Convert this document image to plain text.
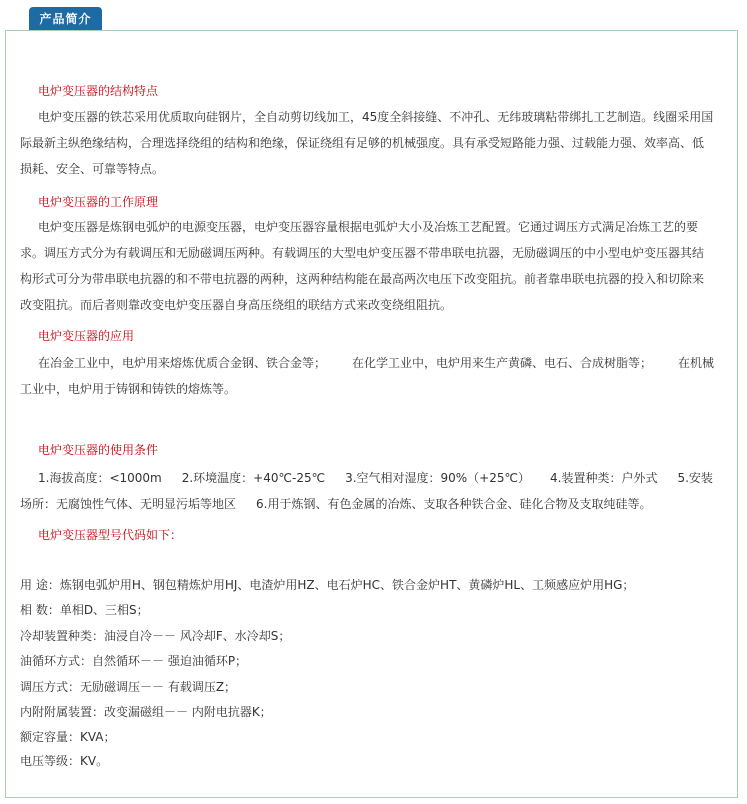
产品简介
电炉变压器的结构特点
电炉变压器的铁芯采用优质取向硅钢片，全自动剪切线加工，45度全斜接缝、不冲孔、无纬玻璃粘带绑扎工艺制造。线圈采用国际最新主纵绝缘结构，合理选择绕组的结构和绝缘，保证绕组有足够的机械强度。具有承受短路能力强、过载能力强、效率高、低损耗、安全、可靠等特点。
电炉变压器的工作原理
电炉变压器是炼钢电弧炉的电源变压器，电炉变压器容量根据电弧炉大小及冶炼工艺配置。它通过调压方式满足冶炼工艺的要求。调压方式分为有载调压和无励磁调压两种。有载调压的大型电炉变压器不带串联电抗器，无励磁调压的中小型电炉变压器其结构形式可分为带串联电抗器的和不带电抗器的两种，这两种结构能在最高两次电压下改变阻抗。前者靠串联电抗器的投入和切除来改变阻抗。而后者则靠改变电炉变压器自身高压绕组的联结方式来改变绕组阻抗。
电炉变压器的应用
在冶金工业中，电炉用来熔炼优质合金钢、铁合金等； 在化学工业中，电炉用来生产黄磷、电石、合成树脂等； 在机械工业中，电炉用于铸钢和铸铁的熔炼等。
电炉变压器的使用条件
1.海拔高度：<1000m 2.环境温度：+40℃-25℃ 3.空气相对湿度：90%（+25℃） 4.装置种类：户外式 5.安装场所：无腐蚀性气体、无明显污垢等地区 6.用于炼钢、有色金属的冶炼、支取各种铁合金、硅化合物及支取纯硅等。
电炉变压器型号代码如下：
用 途：炼钢电弧炉用H、钢包精炼炉用HJ、电渣炉用HZ、电石炉HC、铁合金炉HT、黄磷炉HL、工频感应炉用HG；
相 数：单相D、三相S；
冷却装置种类：油浸自冷－－ 风冷却F、水冷却S；
油循环方式：自然循环－－ 强迫油循环P；
调压方式：无励磁调压－－ 有载调压Z；
内附附属装置：改变漏磁组－－ 内附电抗器K；
额定容量：KVA；
电压等级：KV。
